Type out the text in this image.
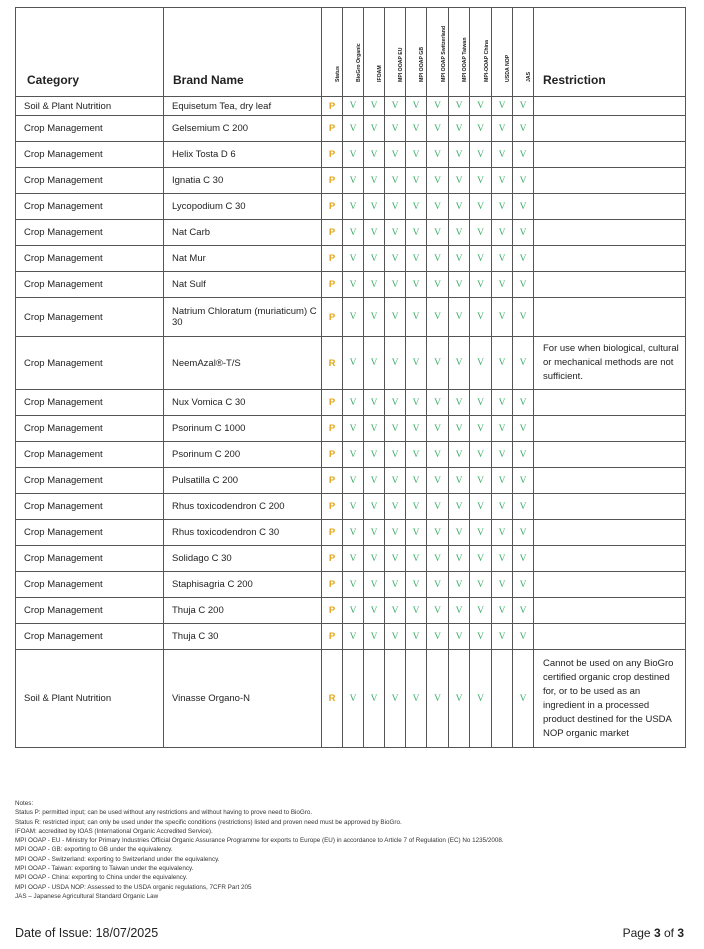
Category	Brand Name	Status	BioGro Organic	IFOAM	MPI OOAP EU	MPI OOAP GB	MPI OOAP Switzerland	MPI OOAP Taiwan	MPI-OOAP China	USDA NOP	JAS	Restriction
Soil & Plant Nutrition	Equisetum Tea, dry leaf	P	V	V	V	V	V	V	V	V	V	
Crop Management	Gelsemium C 200	P	V	V	V	V	V	V	V	V	V	
Crop Management	Helix Tosta D 6	P	V	V	V	V	V	V	V	V	V	
Crop Management	Ignatia C 30	P	V	V	V	V	V	V	V	V	V	
Crop Management	Lycopodium C 30	P	V	V	V	V	V	V	V	V	V	
Crop Management	Nat Carb	P	V	V	V	V	V	V	V	V	V	
Crop Management	Nat Mur	P	V	V	V	V	V	V	V	V	V	
Crop Management	Nat Sulf	P	V	V	V	V	V	V	V	V	V	
Crop Management	Natrium Chloratum (muriaticum) C 30	P	V	V	V	V	V	V	V	V	V	
Crop Management	NeemAzal®-T/S	R	V	V	V	V	V	V	V	V	V	For use when biological, cultural or mechanical methods are not sufficient.
Crop Management	Nux Vomica C 30	P	V	V	V	V	V	V	V	V	V	
Crop Management	Psorinum C 1000	P	V	V	V	V	V	V	V	V	V	
Crop Management	Psorinum C 200	P	V	V	V	V	V	V	V	V	V	
Crop Management	Pulsatilla C 200	P	V	V	V	V	V	V	V	V	V	
Crop Management	Rhus toxicodendron C 200	P	V	V	V	V	V	V	V	V	V	
Crop Management	Rhus toxicodendron C 30	P	V	V	V	V	V	V	V	V	V	
Crop Management	Solidago C 30	P	V	V	V	V	V	V	V	V	V	
Crop Management	Staphisagria C 200	P	V	V	V	V	V	V	V	V	V	
Crop Management	Thuja C 200	P	V	V	V	V	V	V	V	V	V	
Crop Management	Thuja C 30	P	V	V	V	V	V	V	V	V	V	
Soil & Plant Nutrition	Vinasse Organo-N	R	V	V	V	V	V	V	V		V	Cannot be used on any BioGro certified organic crop destined for, or to be used as an ingredient in a processed product destined for the USDA NOP organic market
Notes:
Status P: permitted input; can be used without any restrictions and without having to prove need to BioGro.
Status R: restricted input; can only be used under the specific conditions (restrictions) listed and proven need must be approved by BioGro.
IFOAM: accredited by IOAS (International Organic Accredited Service).
MPI OOAP - EU - Ministry for Primary Industries Official Organic Assurance Programme for exports to Europe (EU) in accordance to Article 7 of Regulation (EC) No 1235/2008.
MPI OOAP - GB: exporting to GB under the equivalency.
MPI OOAP - Switzerland: exporting to Switzerland under the equivalency.
MPI OOAP - Taiwan: exporting to Taiwan under the equivalency.
MPI OOAP - China: exporting to China under the equivalency.
MPI OOAP - USDA NOP: Assessed to the USDA organic regulations, 7CFR Part 205
JAS – Japanese Agricultural Standard Organic Law
Date of Issue: 18/07/2025	Page 3 of 3
